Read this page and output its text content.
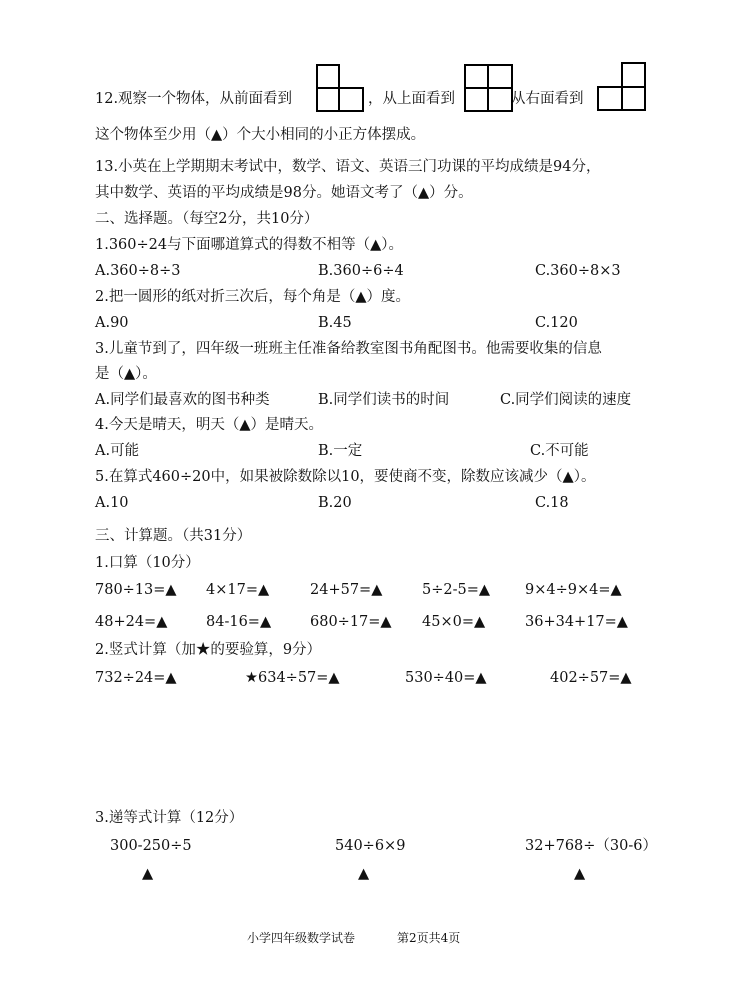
12.观察一个物体，从前面看到	，从上面看到	从右面看到
这个物体至少用（▲）个大小相同的小正方体摆成。
13.小英在上学期期末考试中，数学、语文、英语三门功课的平均成绩是94分，
其中数学、英语的平均成绩是98分。她语文考了（▲）分。
二、选择题。（每空2分，共10分）
1.360÷24与下面哪道算式的得数不相等（▲）。
A.360÷8÷3	B.360÷6÷4	C.360÷8×3
2.把一圆形的纸对折三次后，每个角是（▲）度。
A.90	B.45	C.120
3.儿童节到了，四年级一班班主任准备给教室图书角配图书。他需要收集的信息
是（▲）。
A.同学们最喜欢的图书种类	B.同学们读书的时间	C.同学们阅读的速度
4.今天是晴天，明天（▲）是晴天。
A.可能	B.一定	C.不可能
5.在算式460÷20中，如果被除数除以10，要使商不变，除数应该减少（▲）。
A.10	B.20	C.18
三、计算题。（共31分）
1.口算（10分）
780÷13=▲ 4×17=▲	24+57=▲	5÷2-5=▲ 9×4÷9×4=▲
48+24=▲	84-16=▲	680÷17=▲ 45×0=▲	36+34+17=▲
2.竖式计算（加★的要验算，9分）
732÷24=▲	★634÷57=▲	530÷40=▲	402÷57=▲
3.递等式计算（12分）
300-250÷5	540÷6×9	32+768÷（30-6）
▲	▲	▲
小学四年级数学试卷	第2页共4页
